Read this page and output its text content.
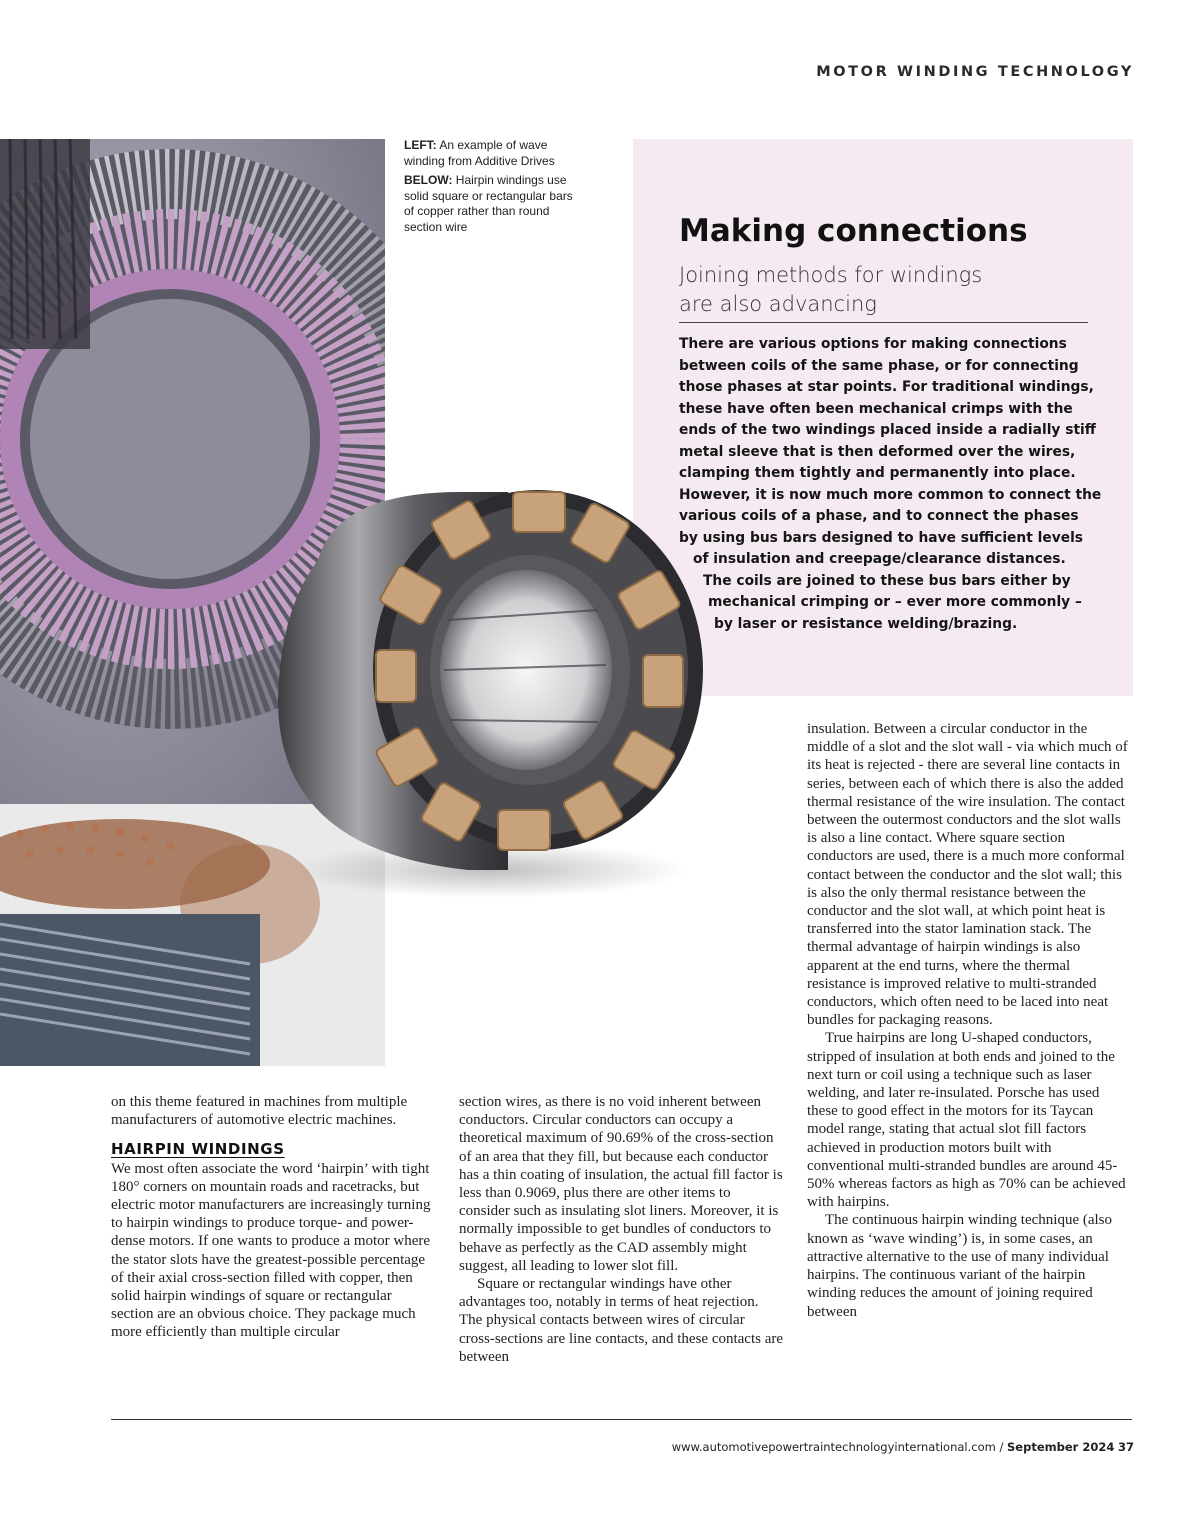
MOTOR WINDING TECHNOLOGY

LEFT: An example of wave winding from Additive Drives

BELOW: Hairpin windings use solid square or rectangular bars of copper rather than round section wire	Making connections
Joining methods for windings are also advancing
There are various options for making connections
between coils of the same phase, or for connecting
those phases at star points. For traditional windings,
these have often been mechanical crimps with the
ends of the two windings placed inside a radially stiff
metal sleeve that is then deformed over the wires,
clamping them tightly and permanently into place.
However, it is now much more common to connect the
various coils of a phase, and to connect the phases
by using bus bars designed to have sufficient levels
of insulation and creepage/clearance distances.
The coils are joined to these bus bars either by
mechanical crimping or – ever more commonly –
by laser or resistance welding/brazing.

on this theme featured in machines from multiple manufacturers of automotive electric machines.

HAIRPIN WINDINGS

We most often associate the word ‘hairpin’ with tight 180° corners on mountain roads and racetracks, but electric motor manufacturers are increasingly turning to hairpin windings to produce torque- and power-dense motors. If one wants to produce a motor where the stator slots have the greatest-possible percentage of their axial cross-section filled with copper, then solid hairpin windings of square or rectangular section are an obvious choice. They package much more efficiently than multiple circular

section wires, as there is no void inherent between conductors. Circular conductors can occupy a theoretical maximum of 90.69% of the cross-section of an area that they fill, but because each conductor has a thin coating of insulation, the actual fill factor is less than 0.9069, plus there are other items to consider such as insulating slot liners. Moreover, it is normally impossible to get bundles of conductors to behave as perfectly as the CAD assembly might suggest, all leading to lower slot fill.

Square or rectangular windings have other advantages too, notably in terms of heat rejection. The physical contacts between wires of circular cross-sections are line contacts, and these contacts are between

insulation. Between a circular conductor in the middle of a slot and the slot wall - via which much of its heat is rejected - there are several line contacts in series, between each of which there is also the added thermal resistance of the wire insulation. The contact between the outermost conductors and the slot walls is also a line contact. Where square section conductors are used, there is a much more conformal contact between the conductor and the slot wall; this is also the only thermal resistance between the conductor and the slot wall, at which point heat is transferred into the stator lamination stack. The thermal advantage of hairpin windings is also apparent at the end turns, where the thermal resistance is improved relative to multi-stranded conductors, which often need to be laced into neat bundles for packaging reasons.

True hairpins are long U-shaped conductors, stripped of insulation at both ends and joined to the next turn or coil using a technique such as laser welding, and later re-insulated. Porsche has used these to good effect in the motors for its Taycan model range, stating that actual slot fill factors achieved in production motors built with conventional multi-stranded bundles are around 45-50% whereas factors as high as 70% can be achieved with hairpins.

The continuous hairpin winding technique (also known as ‘wave winding’) is, in some cases, an attractive alternative to the use of many individual hairpins. The continuous variant of the hairpin winding reduces the amount of joining required between

www.automotivepowertraintechnologyinternational.com / September 2024 37
